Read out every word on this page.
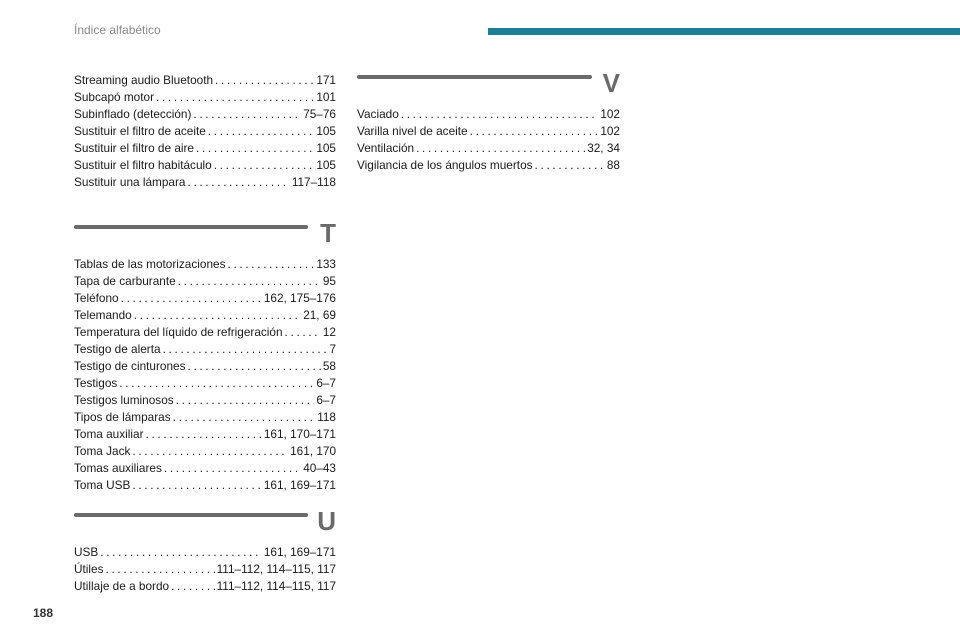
Índice alfabético
Streaming audio Bluetooth . . .	171
Subcapó motor . . .	101
Subinflado (detección) . . .	75–76
Sustituir el filtro de aceite . . .	105
Sustituir el filtro de aire . . .	105
Sustituir el filtro habitáculo . . .	105
Sustituir una lámpara . . .	117–118
T
Tablas de las motorizaciones . . .	133
Tapa de carburante . . .	95
Teléfono . . .	162, 175–176
Telemando . . .	21, 69
Temperatura del líquido de refrigeración . . .	12
Testigo de alerta . . .	7
Testigo de cinturones . . .	58
Testigos . . .	6–7
Testigos luminosos . . .	6–7
Tipos de lámparas . . .	118
Toma auxiliar . . .	161, 170–171
Toma Jack . . .	161, 170
Tomas auxiliares . . .	40–43
Toma USB . . .	161, 169–171
U
USB . . .	161, 169–171
Útiles . . .	111–112, 114–115, 117
Utillaje de a bordo . . .	111–112, 114–115, 117
V
Vaciado . . .	102
Varilla nivel de aceite . . .	102
Ventilación . . .	32, 34
Vigilancia de los ángulos muertos . . .	88
188
